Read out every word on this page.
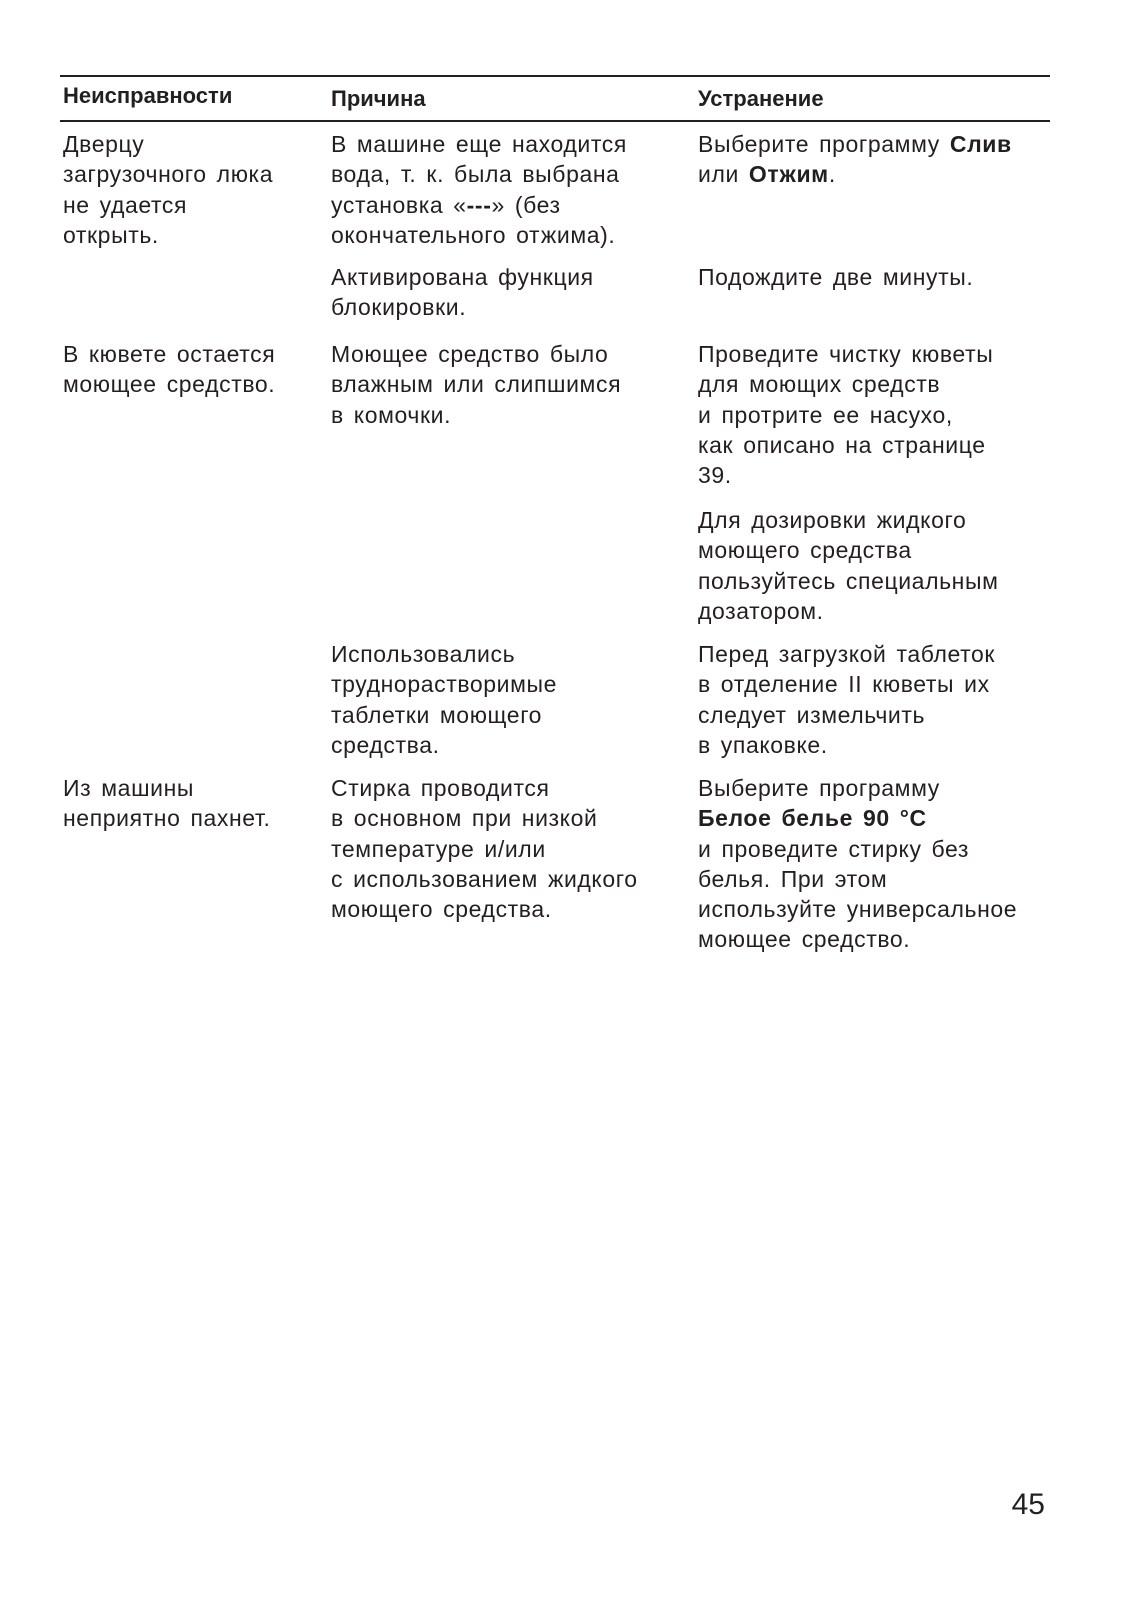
Неисправности	Причина	Устранение
Дверцу
загрузочного люка
не удается
открыть.
В машине еще находится
вода, т. к. была выбрана
установка «---» (без
окончательного отжима).
Выберите программу Слив
или Отжим.
Активирована функция
блокировки.
Подождите две минуты.
В кювете остается
моющее средство.
Моющее средство было
влажным или слипшимся
в комочки.
Проведите чистку кюветы
для моющих средств
и протрите ее насухо,
как описано на странице
39.
Для дозировки жидкого
моющего средства
пользуйтесь специальным
дозатором.
Использовались
труднорастворимые
таблетки моющего
средства.
Перед загрузкой таблеток
в отделение II кюветы их
следует измельчить
в упаковке.
Из машины
неприятно пахнет.
Стирка проводится
в основном при низкой
температуре и/или
с использованием жидкого
моющего средства.
Выберите программу
Белое белье 90 °C
и проведите стирку без
белья. При этом
используйте универсальное
моющее средство.
45
